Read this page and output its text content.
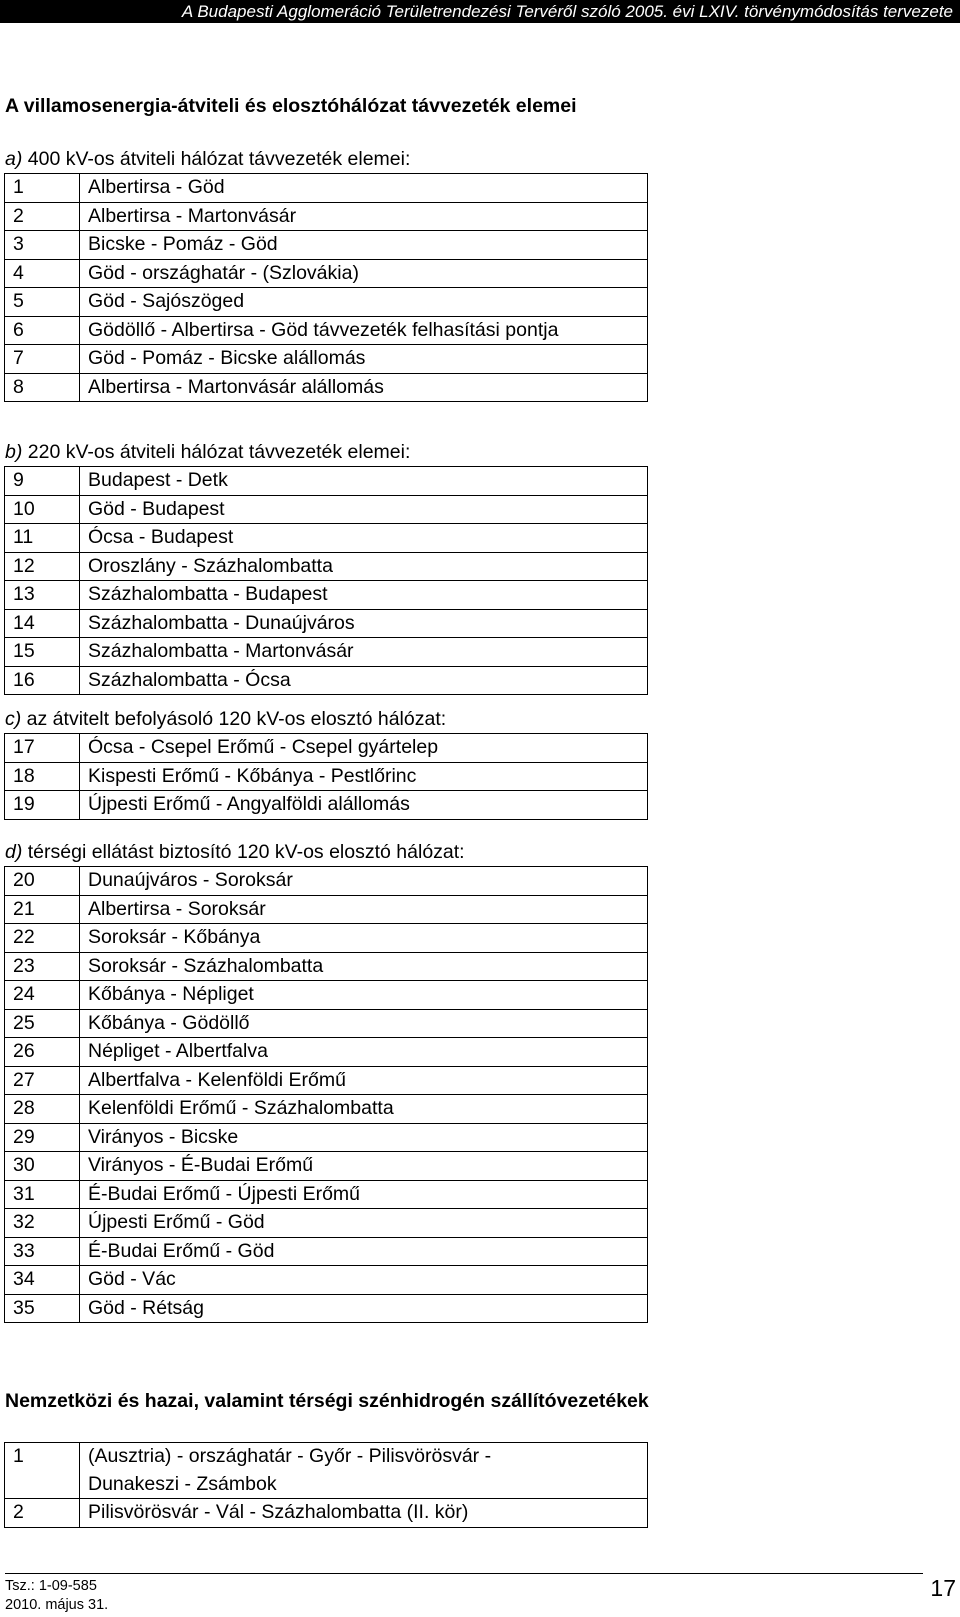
A Budapesti Agglomeráció Területrendezési Tervéről szóló 2005. évi LXIV. törvénymódosítás tervezete
A villamosenergia-átviteli és elosztóhálózat távvezeték elemei
a) 400 kV-os átviteli hálózat távvezeték elemei:
1	Albertirsa - Göd
2	Albertirsa - Martonvásár
3	Bicske - Pomáz - Göd
4	Göd - országhatár - (Szlovákia)
5	Göd - Sajószöged
6	Gödöllő - Albertirsa - Göd távvezeték felhasítási pontja
7	Göd - Pomáz - Bicske alállomás
8	Albertirsa - Martonvásár alállomás
b) 220 kV-os átviteli hálózat távvezeték elemei:
9	Budapest - Detk
10	Göd - Budapest
11	Ócsa - Budapest
12	Oroszlány - Százhalombatta
13	Százhalombatta - Budapest
14	Százhalombatta - Dunaújváros
15	Százhalombatta - Martonvásár
16	Százhalombatta - Ócsa
c) az átvitelt befolyásoló 120 kV-os elosztó hálózat:
17	Ócsa - Csepel Erőmű - Csepel gyártelep
18	Kispesti Erőmű - Kőbánya - Pestlőrinc
19	Újpesti Erőmű - Angyalföldi alállomás
d) térségi ellátást biztosító 120 kV-os elosztó hálózat:
20	Dunaújváros - Soroksár
21	Albertirsa - Soroksár
22	Soroksár - Kőbánya
23	Soroksár - Százhalombatta
24	Kőbánya - Népliget
25	Kőbánya - Gödöllő
26	Népliget - Albertfalva
27	Albertfalva - Kelenföldi Erőmű
28	Kelenföldi Erőmű - Százhalombatta
29	Virányos - Bicske
30	Virányos - É-Budai Erőmű
31	É-Budai Erőmű - Újpesti Erőmű
32	Újpesti Erőmű - Göd
33	É-Budai Erőmű - Göd
34	Göd - Vác
35	Göd - Rétság
Nemzetközi és hazai, valamint térségi szénhidrogén szállítóvezetékek
1	(Ausztria) - országhatár - Győr - Pilisvörösvár - Dunakeszi - Zsámbok
2	Pilisvörösvár - Vál - Százhalombatta (II. kör)
Tsz.: 1-09-585
2010. május 31.
17
